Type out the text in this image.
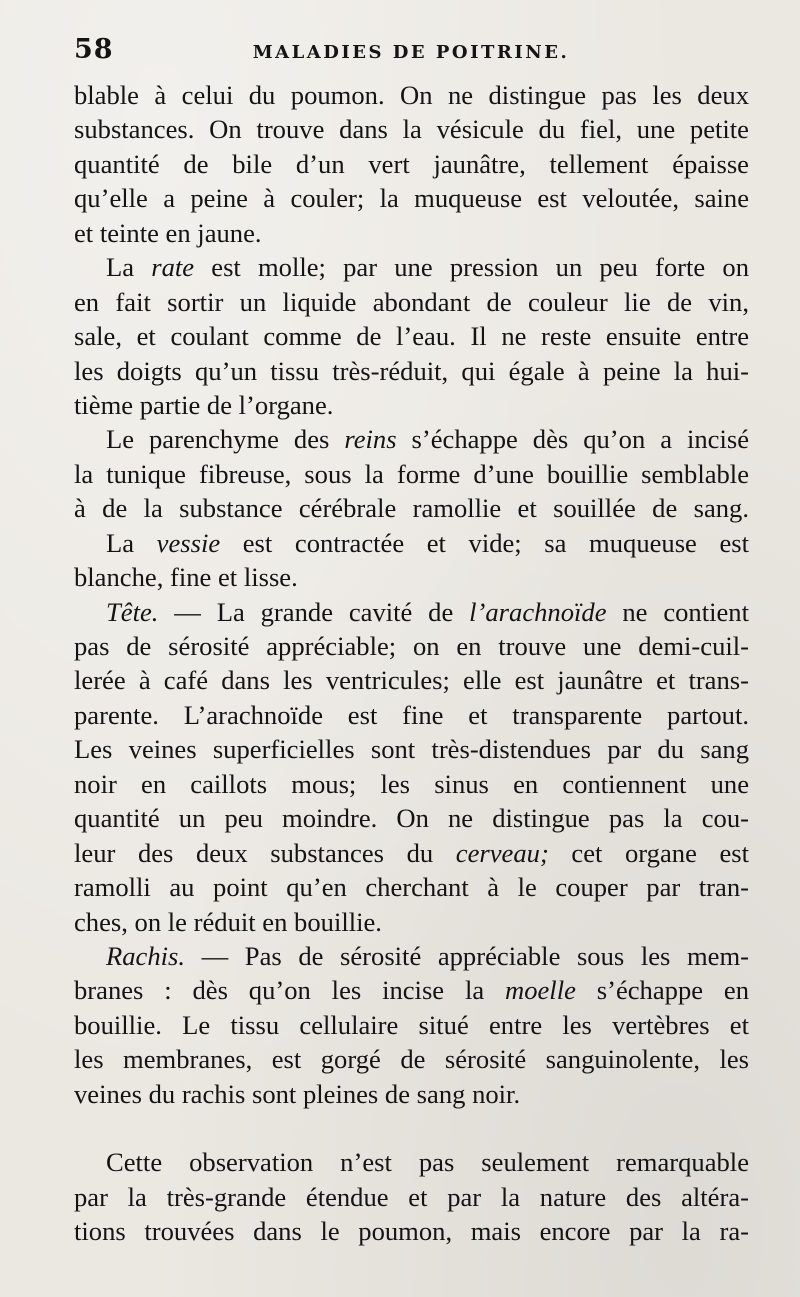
58	MALADIES DE POITRINE.
blable à celui du poumon. On ne distingue pas les deux
substances. On trouve dans la vésicule du fiel, une petite
quantité de bile d’un vert jaunâtre, tellement épaisse
qu’elle a peine à couler; la muqueuse est veloutée, saine
et teinte en jaune.
La rate est molle; par une pression un peu forte on
en fait sortir un liquide abondant de couleur lie de vin,
sale, et coulant comme de l’eau. Il ne reste ensuite entre
les doigts qu’un tissu très-réduit, qui égale à peine la hui-
tième partie de l’organe.
Le parenchyme des reins s’échappe dès qu’on a incisé
la tunique fibreuse, sous la forme d’une bouillie semblable
à de la substance cérébrale ramollie et souillée de sang.
La vessie est contractée et vide; sa muqueuse est
blanche, fine et lisse.
Tête. — La grande cavité de l’arachnoïde ne contient
pas de sérosité appréciable; on en trouve une demi-cuil-
lerée à café dans les ventricules; elle est jaunâtre et trans-
parente. L’arachnoïde est fine et transparente partout.
Les veines superficielles sont très-distendues par du sang
noir en caillots mous; les sinus en contiennent une
quantité un peu moindre. On ne distingue pas la cou-
leur des deux substances du cerveau; cet organe est
ramolli au point qu’en cherchant à le couper par tran-
ches, on le réduit en bouillie.
Rachis. — Pas de sérosité appréciable sous les mem-
branes : dès qu’on les incise la moelle s’échappe en
bouillie. Le tissu cellulaire situé entre les vertèbres et
les membranes, est gorgé de sérosité sanguinolente, les
veines du rachis sont pleines de sang noir.
Cette observation n’est pas seulement remarquable
par la très-grande étendue et par la nature des altéra-
tions trouvées dans le poumon, mais encore par la ra-
